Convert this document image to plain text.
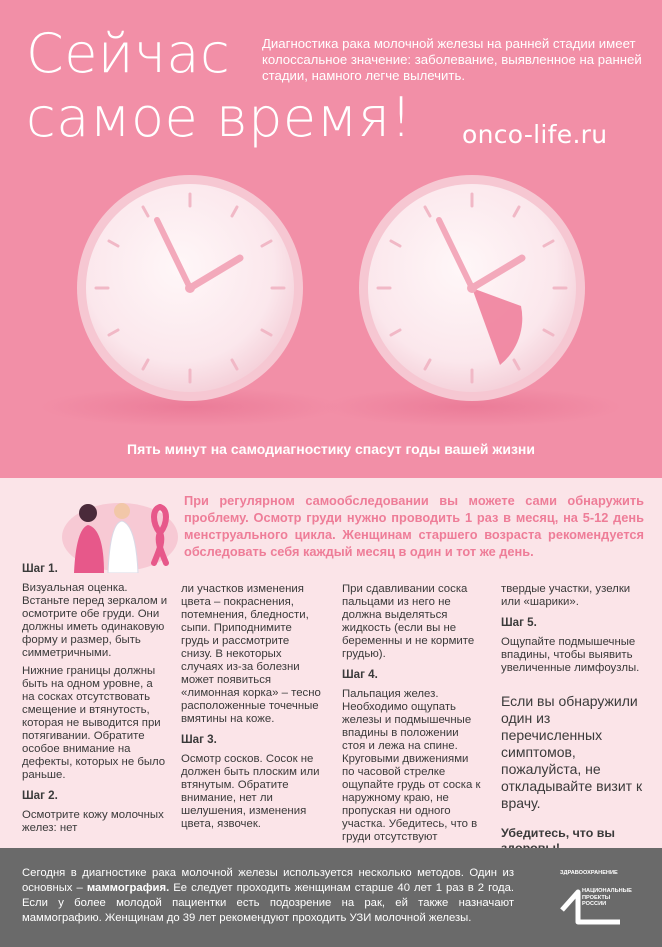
Сейчас
самое время!
Диагностика рака молочной железы на ранней стадии имеет колоссальное значение: заболевание, выявленное на ранней стадии, намного легче вылечить.
onco-life.ru
Пять минут на самодиагностику спасут годы вашей жизни
При регулярном самообследовании вы можете сами обнаружить проблему. Осмотр груди нужно проводить 1 раз в месяц, на 5-12 день менструального цикла. Женщинам старшего возраста рекомендуется обследовать себя каждый месяц в один и тот же день.
Шаг 1.

Визуальная оценка. Встаньте перед зеркалом и осмотрите обе груди. Они должны иметь одинаковую форму и размер, быть симметричными.

Нижние границы должны быть на одном уровне, а на сосках отсутствовать смещение и втянутость, которая не выводится при потягивании. Обратите особое внимание на дефекты, которых не было раньше.

Шаг 2.

Осмотрите кожу молочных желез: нет

ли участков изменения цвета – покраснения, потемнения, бледности, сыпи. Приподнимите грудь и рассмотрите снизу. В некоторых случаях из-за болезни может появиться «лимонная корка» – тесно расположенные точечные вмятины на коже.

Шаг 3.

Осмотр сосков. Сосок не должен быть плоским или втянутым. Обратите внимание, нет ли шелушения, изменения цвета, язвочек.

При сдавливании соска пальцами из него не должна выделяться жидкость (если вы не беременны и не кормите грудью).

Шаг 4.

Пальпация желез. Необходимо ощупать железы и подмышечные впадины в положении стоя и лежа на спине. Круговыми движениями по часовой стрелке ощупайте грудь от соска к наружному краю, не пропуская ни одного участка. Убедитесь, что в груди отсутствуют

твердые участки, узелки или «шарики».

Шаг 5.

Ощупайте подмышечные впадины, чтобы выявить увеличенные лимфоузлы.

Если вы обнаружили один из перечисленных симптомов, пожалуйста, не откладывайте визит к врачу.
Убедитесь, что вы
Сегодня в диагностике рака молочной железы используется несколько методов. Один из основных – маммография. Ее следует проходить женщинам старше 40 лет 1 раз в 2 года. Если у более молодой пациентки есть подозрение на рак, ей также назначают маммографию. Женщинам до 39 лет рекомендуют проходить УЗИ молочной железы.
ЗДРАВООХРАНЕНИЕ
НАЦИОНАЛЬНЫЕ ПРОЕКТЫ РОССИИ
